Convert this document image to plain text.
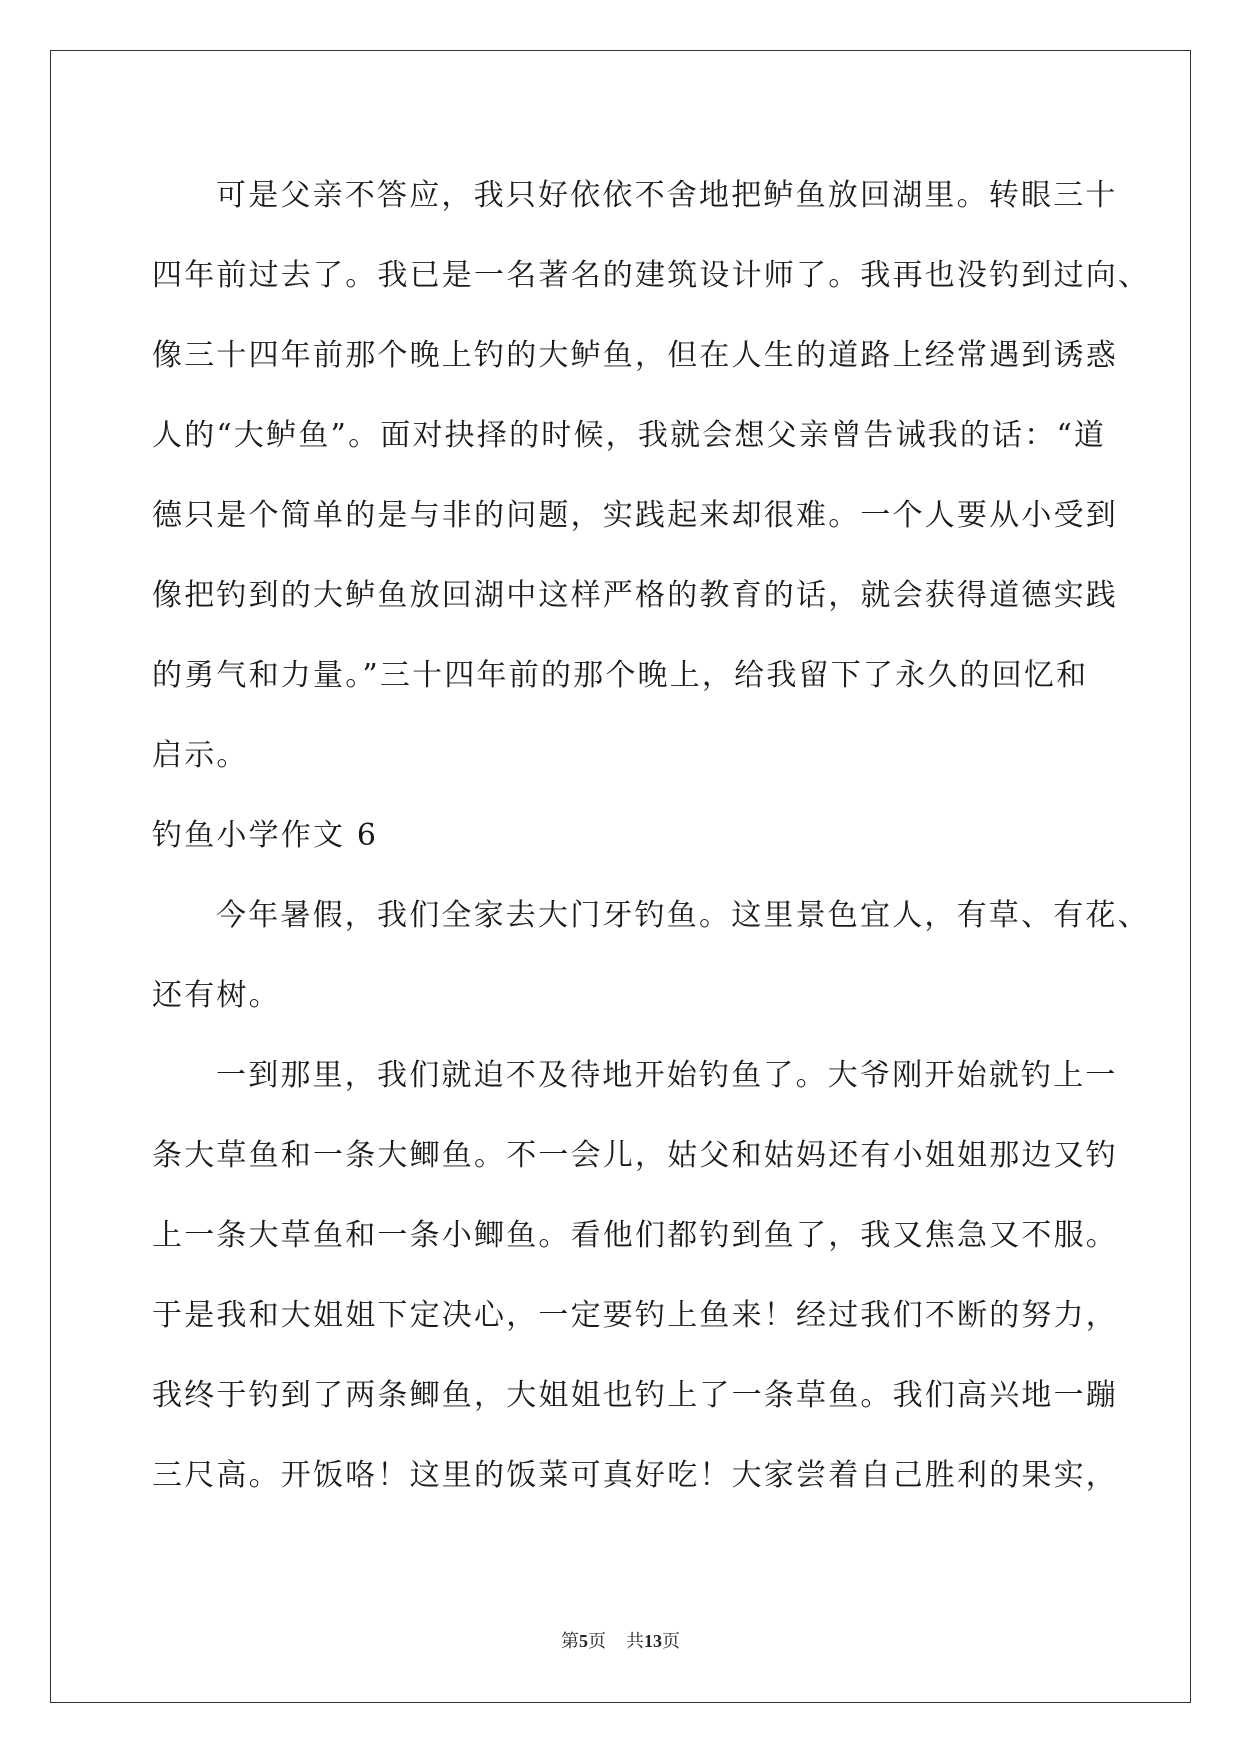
可是父亲不答应，我只好依依不舍地把鲈鱼放回湖里。转眼三十
四年前过去了。我已是一名著名的建筑设计师了。我再也没钓到过向、
像三十四年前那个晚上钓的大鲈鱼，但在人生的道路上经常遇到诱惑
人的“大鲈鱼”。面对抉择的时候，我就会想父亲曾告诫我的话：“道
德只是个简单的是与非的问题，实践起来却很难。一个人要从小受到
像把钓到的大鲈鱼放回湖中这样严格的教育的话，就会获得道德实践
的勇气和力量。”三十四年前的那个晚上，给我留下了永久的回忆和
启示。
钓鱼小学作文 6
今年暑假，我们全家去大门牙钓鱼。这里景色宜人，有草、有花、
还有树。
一到那里，我们就迫不及待地开始钓鱼了。大爷刚开始就钓上一
条大草鱼和一条大鲫鱼。不一会儿，姑父和姑妈还有小姐姐那边又钓
上一条大草鱼和一条小鲫鱼。看他们都钓到鱼了，我又焦急又不服。
于是我和大姐姐下定决心，一定要钓上鱼来！经过我们不断的努力，
我终于钓到了两条鲫鱼，大姐姐也钓上了一条草鱼。我们高兴地一蹦
三尺高。开饭咯！这里的饭菜可真好吃！大家尝着自己胜利的果实，
第5页 共13页
